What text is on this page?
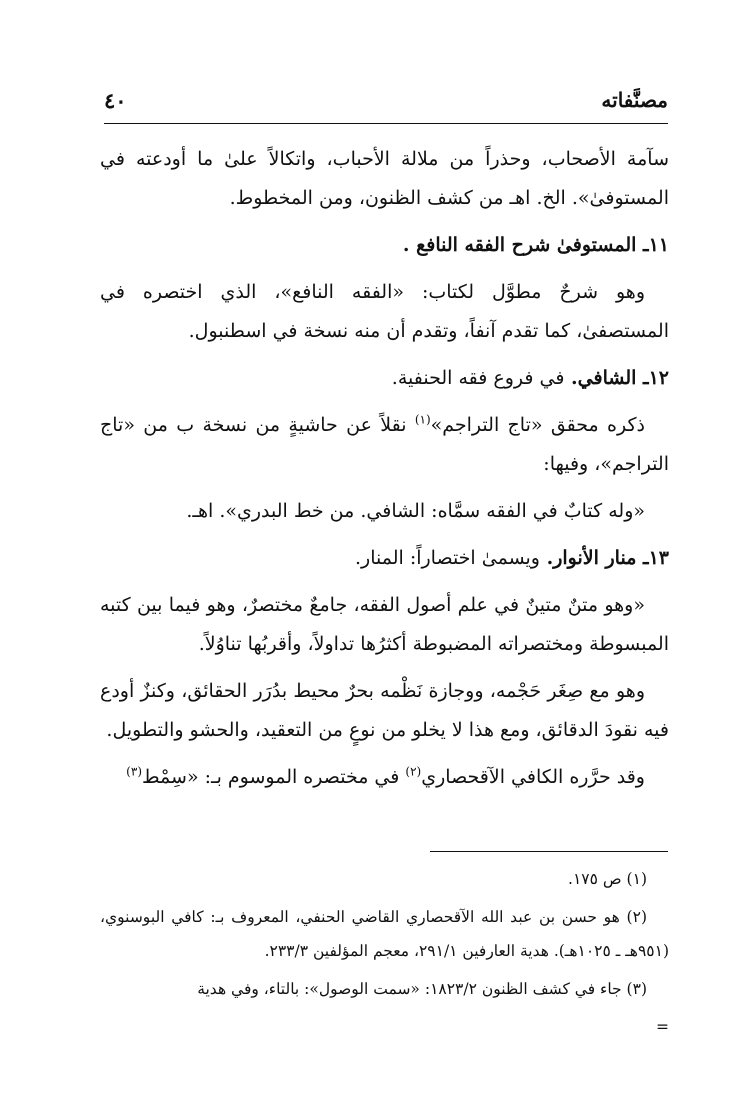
٤٠	مصنَّفاته

سآمة الأصحاب، وحذراً من ملالة الأحباب، واتكالاً علىٰ ما أودعته في المستوفىٰ». الخ. اهـ من كشف الظنون، ومن المخطوط.

١١ـ المستوفىٰ شرح الفقه النافع .

وهو شرحٌ مطوَّل لكتاب: «الفقه النافع»، الذي اختصره في المستصفىٰ، كما تقدم آنفاً، وتقدم أن منه نسخة في اسطنبول.

١٢ـ الشافي. في فروع فقه الحنفية.

ذكره محقق «تاج التراجم»$^{(١)}$ نقلاً عن حاشيةٍ من نسخة ب من «تاج التراجم»، وفيها:

«وله كتابٌ في الفقه سمَّاه: الشافي. من خط البدري». اهـ.

١٣ـ منار الأنوار. ويسمىٰ اختصاراً: المنار.

«وهو متنٌ متينٌ في علم أصول الفقه، جامعٌ مختصرٌ، وهو فيما بين كتبه المبسوطة ومختصراته المضبوطة أكثرُها تداولاً، وأقربُها تناوُلاً.

وهو مع صِغَر حَجْمه، ووجازة نَظْمه بحرٌ محيط بدُرَر الحقائق، وكنزٌ أودع فيه نقودَ الدقائق، ومع هذا لا يخلو من نوعٍ من التعقيد، والحشو والتطويل.

وقد حرَّره الكافي الآقحصاري$^{(٢)}$ في مختصره الموسوم بـ: «سِمْط$^{(٣)}$

(١) ص ١٧٥.

(٢) هو حسن بن عبد الله الآقحصاري القاضي الحنفي، المعروف بـ: كافي البوسنوي، (٩٥١هـ ـ ١٠٢٥هـ). هدية العارفين ٢٩١/١، معجم المؤلفين ٢٣٣/٣.

(٣) جاء في كشف الظنون ١٨٢٣/٢: «سمت الوصول»: بالتاء، وفي هدية

=
